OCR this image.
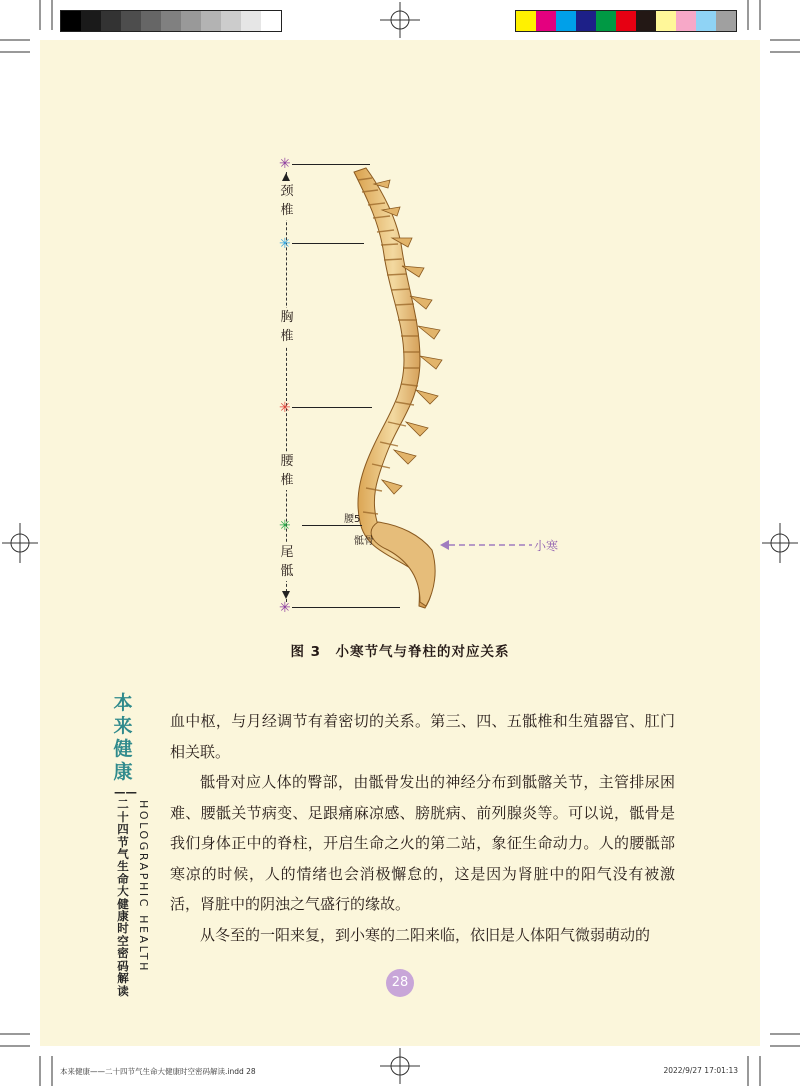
✳
✳
✳
✳
✳
颈椎
胸椎
腰椎
尾骶
腰5
骶骨	小寒
图 3　小寒节气与脊柱的对应关系
本来健康
——二十四节气生命大健康时空密码解读
HOLOGRAPHIC HEALTH

血中枢，与月经调节有着密切的关系。第三、四、五骶椎和生殖器官、肛门相关联。

骶骨对应人体的臀部，由骶骨发出的神经分布到骶髂关节，主管排尿困难、腰骶关节病变、足跟痛麻凉感、膀胱病、前列腺炎等。可以说，骶骨是我们身体正中的脊柱，开启生命之火的第二站，象征生命动力。人的腰骶部寒凉的时候，人的情绪也会消极懈怠的，这是因为肾脏中的阳气没有被激活，肾脏中的阴浊之气盛行的缘故。

从冬至的一阳来复，到小寒的二阳来临，依旧是人体阳气微弱萌动的

28
本来健康——二十四节气生命大健康时空密码解读.indd 28	2022/9/27 17:01:13
